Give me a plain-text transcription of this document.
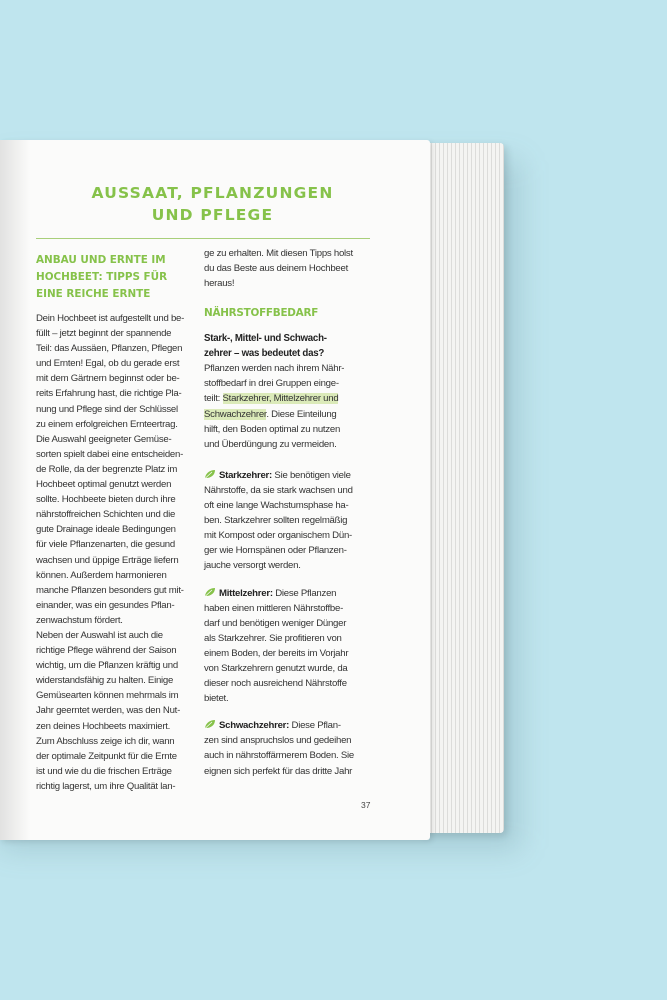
AUSSAAT, PFLANZUNGEN
UND PFLEGE
ANBAU UND ERNTE IM
HOCHBEET: TIPPS FÜR
EINE REICHE ERNTE

Dein Hochbeet ist aufgestellt und be-
füllt – jetzt beginnt der spannende
Teil: das Aussäen, Pflanzen, Pflegen
und Ernten! Egal, ob du gerade erst
mit dem Gärtnern beginnst oder be-
reits Erfahrung hast, die richtige Pla-
nung und Pflege sind der Schlüssel
zu einem erfolgreichen Ernteertrag.
Die Auswahl geeigneter Gemüse-
sorten spielt dabei eine entscheiden-
de Rolle, da der begrenzte Platz im
Hochbeet optimal genutzt werden
sollte. Hochbeete bieten durch ihre
nährstoffreichen Schichten und die
gute Drainage ideale Bedingungen
für viele Pflanzenarten, die gesund
wachsen und üppige Erträge liefern
können. Außerdem harmonieren
manche Pflanzen besonders gut mit-
einander, was ein gesundes Pflan-
zenwachstum fördert.
Neben der Auswahl ist auch die
richtige Pflege während der Saison
wichtig, um die Pflanzen kräftig und
widerstandsfähig zu halten. Einige
Gemüsearten können mehrmals im
Jahr geerntet werden, was den Nut-
zen deines Hochbeets maximiert.
Zum Abschluss zeige ich dir, wann
der optimale Zeitpunkt für die Ernte
ist und wie du die frischen Erträge
richtig lagerst, um ihre Qualität lan-

ge zu erhalten. Mit diesen Tipps holst
du das Beste aus deinem Hochbeet
heraus!

NÄHRSTOFFBEDARF
Stark-, Mittel- und Schwach-
zehrer – was bedeutet das?

Pflanzen werden nach ihrem Nähr-
stoffbedarf in drei Gruppen einge-
teilt: Starkzehrer, Mittelzehrer und
Schwachzehrer. Diese Einteilung
hilft, den Boden optimal zu nutzen
und Überdüngung zu vermeiden.

Starkzehrer: Sie benötigen viele
Nährstoffe, da sie stark wachsen und
oft eine lange Wachstumsphase ha-
ben. Starkzehrer sollten regelmäßig
mit Kompost oder organischem Dün-
ger wie Hornspänen oder Pflanzen-
jauche versorgt werden.

Mittelzehrer: Diese Pflanzen
haben einen mittleren Nährstoffbe-
darf und benötigen weniger Dünger
als Starkzehrer. Sie profitieren von
einem Boden, der bereits im Vorjahr
von Starkzehrern genutzt wurde, da
dieser noch ausreichend Nährstoffe
bietet.

Schwachzehrer: Diese Pflan-
zen sind anspruchslos und gedeihen
auch in nährstoffärmerem Boden. Sie
eignen sich perfekt für das dritte Jahr

37
